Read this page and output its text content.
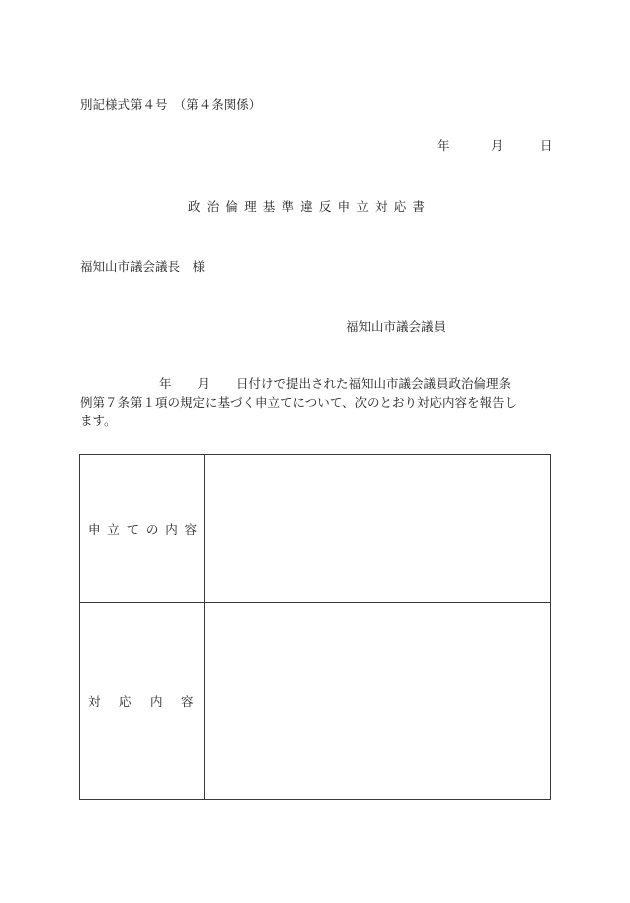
別記様式第４号　（第４条関係）
年	月	日
政治倫理基準違反申立対応書
福知山市議会議長　様
福知山市議会議員
年 月 日付けで提出された福知山市議会議員政治倫理条
例第７条第１項の規定に基づく申立てについて、次のとおり対応内容を報告し
ます。
申立ての内容	
対 応 内 容	
